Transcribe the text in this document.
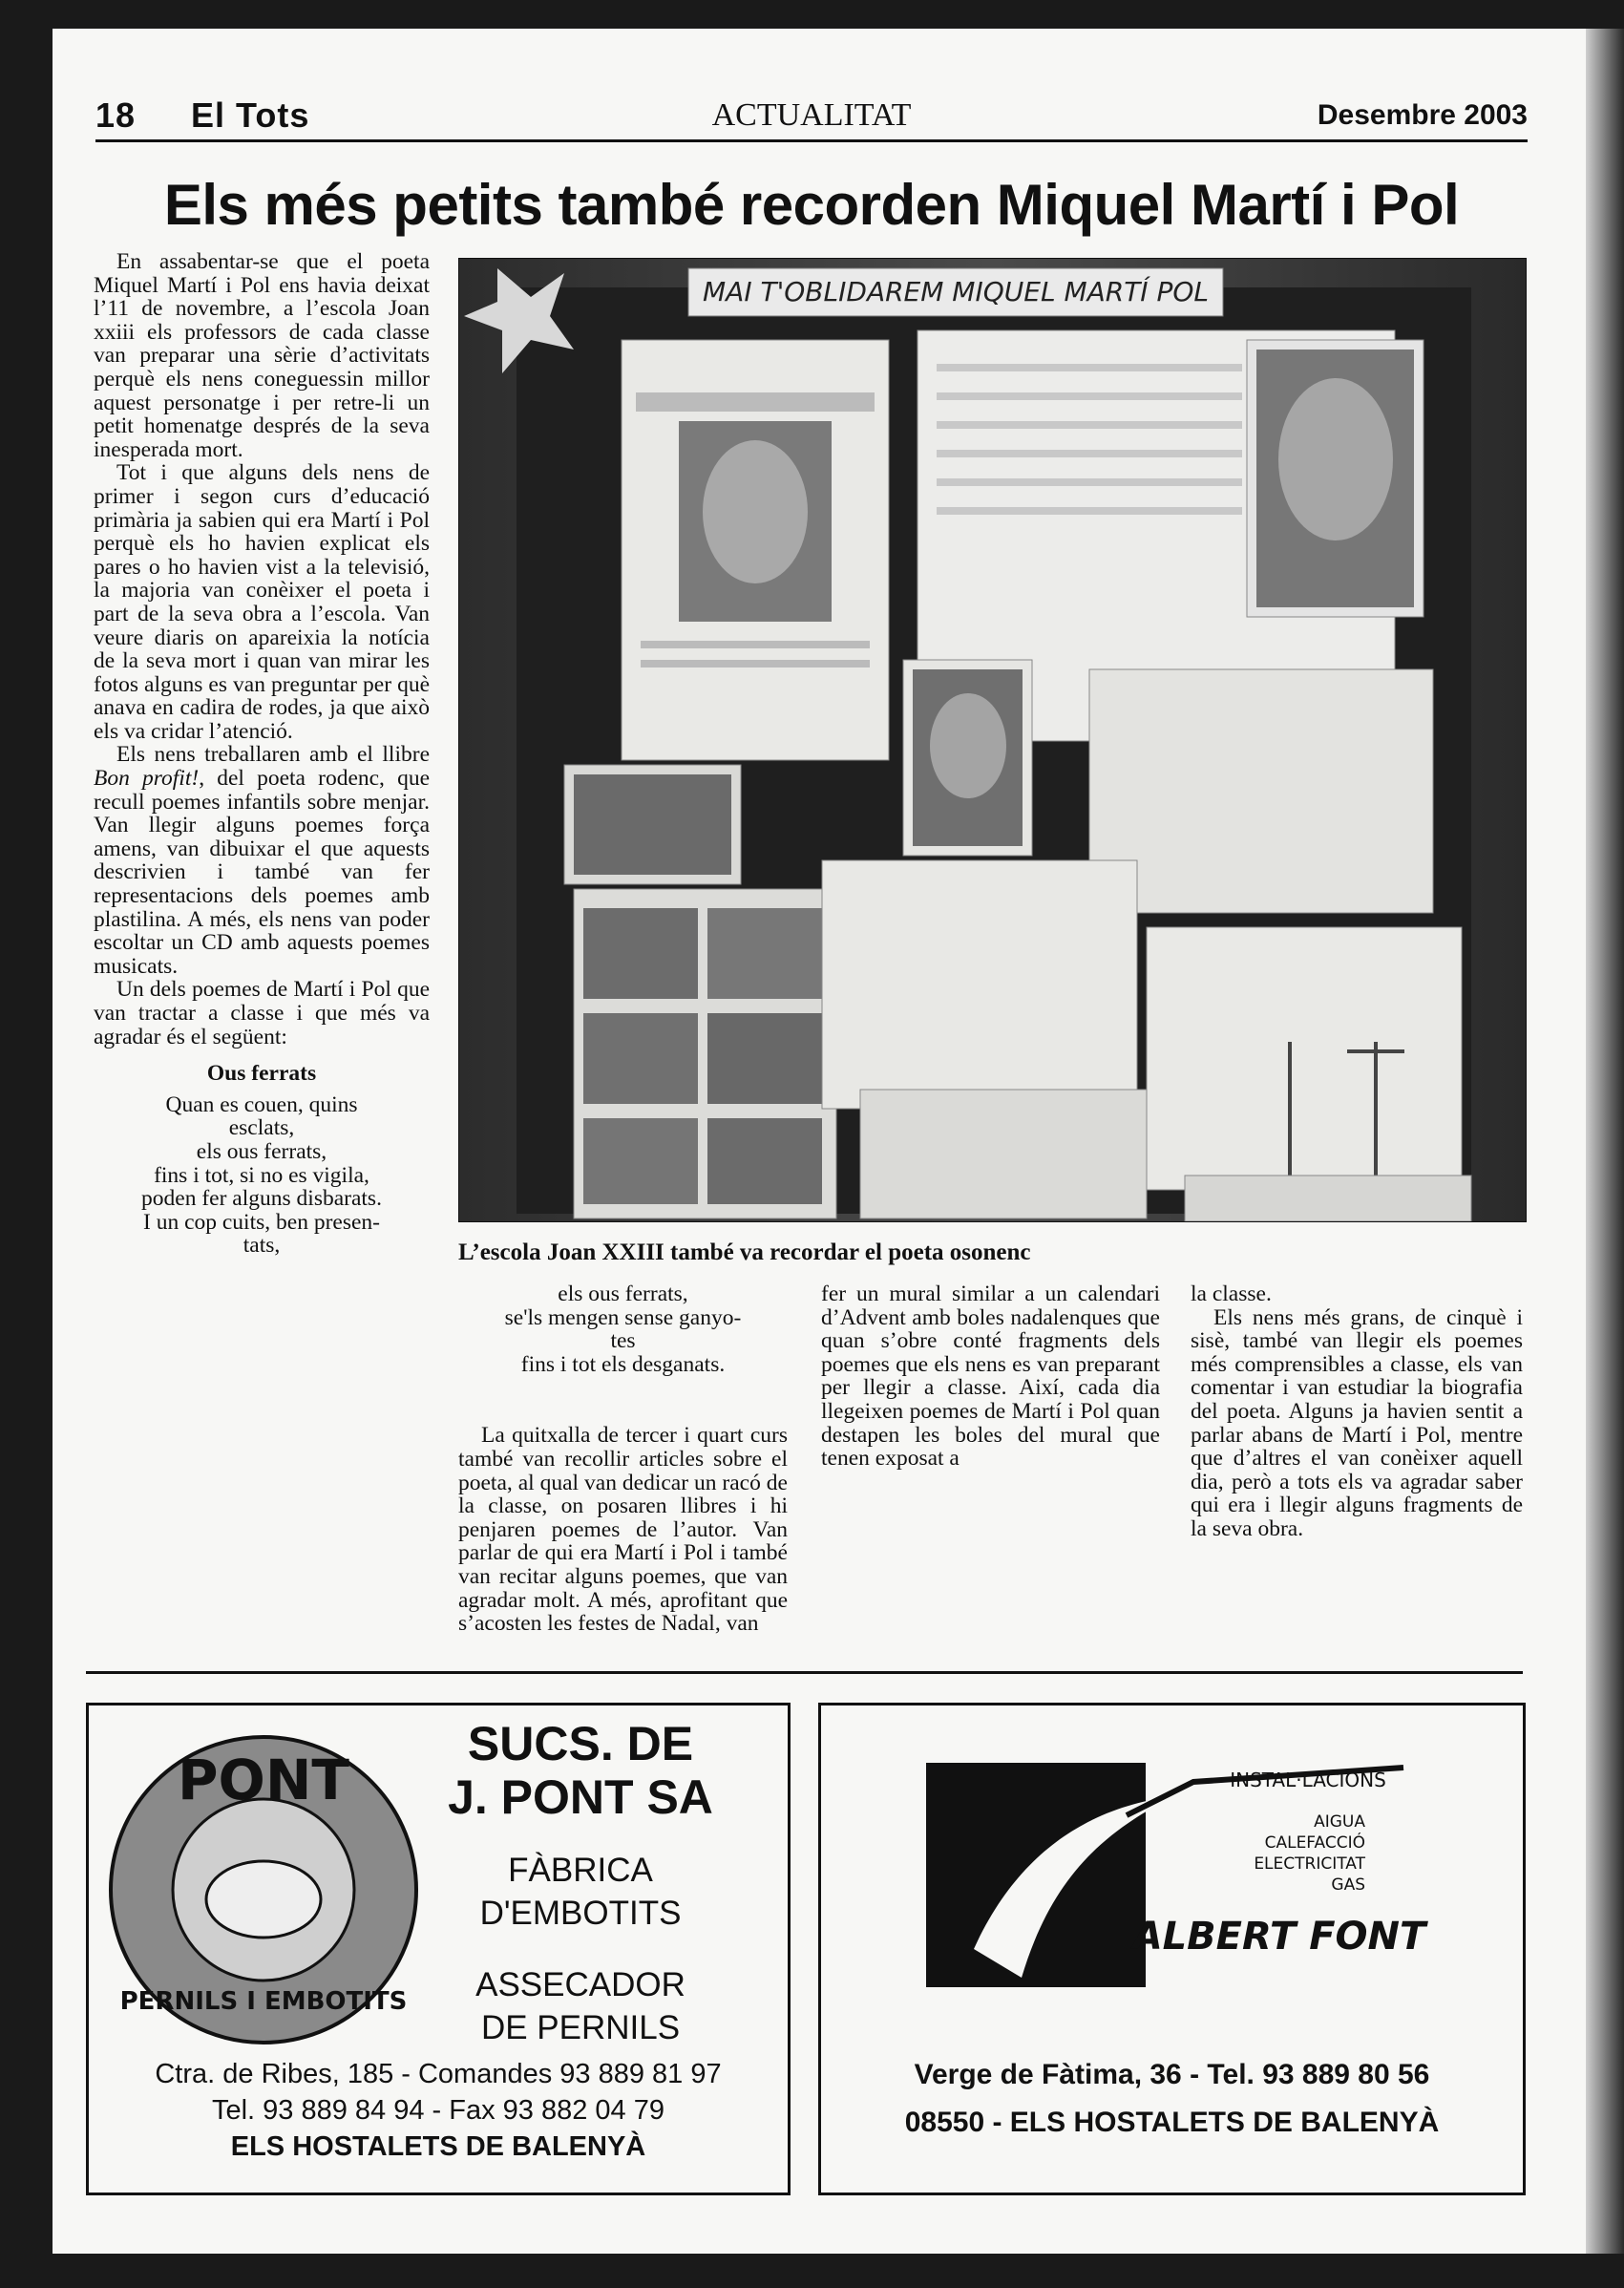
18 El Tots	ACTUALITAT	Desembre 2003
Els més petits també recorden Miquel Martí i Pol

En assabentar-se que el poeta Miquel Martí i Pol ens havia deixat l’11 de novembre, a l’escola Joan xxiii els professors de cada classe van preparar una sèrie d’activitats perquè els nens coneguessin millor aquest personatge i per retre-li un petit homenatge després de la seva inesperada mort.

Tot i que alguns dels nens de primer i segon curs d’educació primària ja sabien qui era Martí i Pol perquè els ho havien explicat els pares o ho havien vist a la televisió, la majoria van conèixer el poeta i part de la seva obra a l’escola. Van veure diaris on apareixia la notícia de la seva mort i quan van mirar les fotos alguns es van preguntar per què anava en cadira de rodes, ja que això els va cridar l’atenció.

Els nens treballaren amb el llibre Bon profit!, del poeta rodenc, que recull poemes infantils sobre menjar. Van llegir alguns poemes força amens, van dibuixar el que aquests descrivien i també van fer representacions dels poemes amb plastilina. A més, els nens van poder escoltar un CD amb aquests poemes musicats.

Un dels poemes de Martí i Pol que van tractar a classe i que més va agradar és el següent:

Ous ferrats
Quan es couen, quins
esclats,
els ous ferrats,
fins i tot, si no es vigila,
poden fer alguns disbarats.
I un cop cuits, ben presen-
tats,
MAI T'OBLIDAREM MIQUEL MARTÍ POL
L’escola Joan XXIII també va recordar el poeta osonenc
els ous ferrats,
se'ls mengen sense ganyo-
tes
fins i tot els desganats.

La quitxalla de tercer i quart curs també van recollir articles sobre el poeta, al qual van dedicar un racó de la classe, on posaren llibres i hi penjaren poemes de l’autor. Van parlar de qui era Martí i Pol i també van recitar alguns poemes, que van agradar molt. A més, aprofitant que s’acosten les festes de Nadal, van

fer un mural similar a un calendari d’Advent amb boles nadalenques que quan s’obre conté fragments dels poemes que els nens es van preparant per llegir a classe. Així, cada dia llegeixen poemes de Martí i Pol quan destapen les boles del mural que tenen exposat a

la classe.

Els nens més grans, de cinquè i sisè, també van llegir els poemes més comprensibles a classe, els van comentar i van estudiar la biografia del poeta. Alguns ja havien sentit a parlar abans de Martí i Pol, mentre que d’altres el van conèixer aquell dia, però a tots els va agradar saber qui era i llegir alguns fragments de la seva obra.

PONT
PERNILS I EMBOTITS
SUCS. DE
J. PONT SA
FÀBRICA
D'EMBOTITS
ASSECADOR
DE PERNILS
Ctra. de Ribes, 185 - Comandes 93 889 81 97
Tel. 93 889 84 94 - Fax 93 882 04 79
ELS HOSTALETS DE BALENYÀ
INSTAL·LACIONS
AIGUA
CALEFACCIÓ
ELECTRICITAT
GAS
ALBERT FONT
Verge de Fàtima, 36 - Tel. 93 889 80 56
08550 - ELS HOSTALETS DE BALENYÀ
